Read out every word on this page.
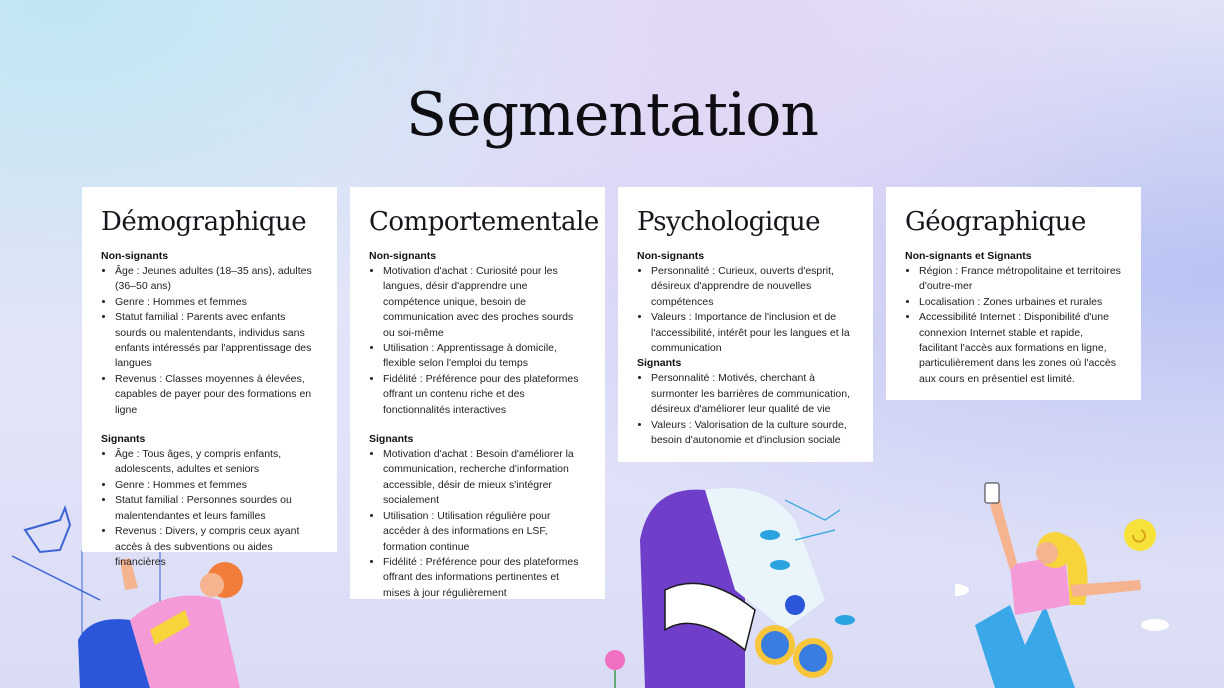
Segmentation
Démographique
Non-signants
• Âge : Jeunes adultes (18–35 ans), adultes (36–50 ans)
• Genre : Hommes et femmes
• Statut familial : Parents avec enfants sourds ou malentendants, individus sans enfants intéressés par l'apprentissage des langues
• Revenus : Classes moyennes à élevées, capables de payer pour des formations en ligne
Signants
• Âge : Tous âges, y compris enfants, adolescents, adultes et seniors
• Genre : Hommes et femmes
• Statut familial : Personnes sourdes ou malentendantes et leurs familles
• Revenus : Divers, y compris ceux ayant accès à des subventions ou aides financières
Comportementale
Non-signants
• Motivation d'achat : Curiosité pour les langues, désir d'apprendre une compétence unique, besoin de communication avec des proches sourds ou soi-même
• Utilisation : Apprentissage à domicile, flexible selon l'emploi du temps
• Fidélité : Préférence pour des plateformes offrant un contenu riche et des fonctionnalités interactives
Signants
• Motivation d'achat : Besoin d'améliorer la communication, recherche d'information accessible, désir de mieux s'intégrer socialement
• Utilisation : Utilisation régulière pour accéder à des informations en LSF, formation continue
• Fidélité : Préférence pour des plateformes offrant des informations pertinentes et mises à jour régulièrement
Psychologique
Non-signants
• Personnalité : Curieux, ouverts d'esprit, désireux d'apprendre de nouvelles compétences
• Valeurs : Importance de l'inclusion et de l'accessibilité, intérêt pour les langues et la communication
Signants
• Personnalité : Motivés, cherchant à surmonter les barrières de communication, désireux d'améliorer leur qualité de vie
• Valeurs : Valorisation de la culture sourde, besoin d'autonomie et d'inclusion sociale
Géographique
Non-signants et Signants
• Région : France métropolitaine et territoires d'outre-mer
• Localisation : Zones urbaines et rurales
• Accessibilité Internet : Disponibilité d'une connexion Internet stable et rapide, facilitant l'accès aux formations en ligne, particulièrement dans les zones où l'accès aux cours en présentiel est limité.
